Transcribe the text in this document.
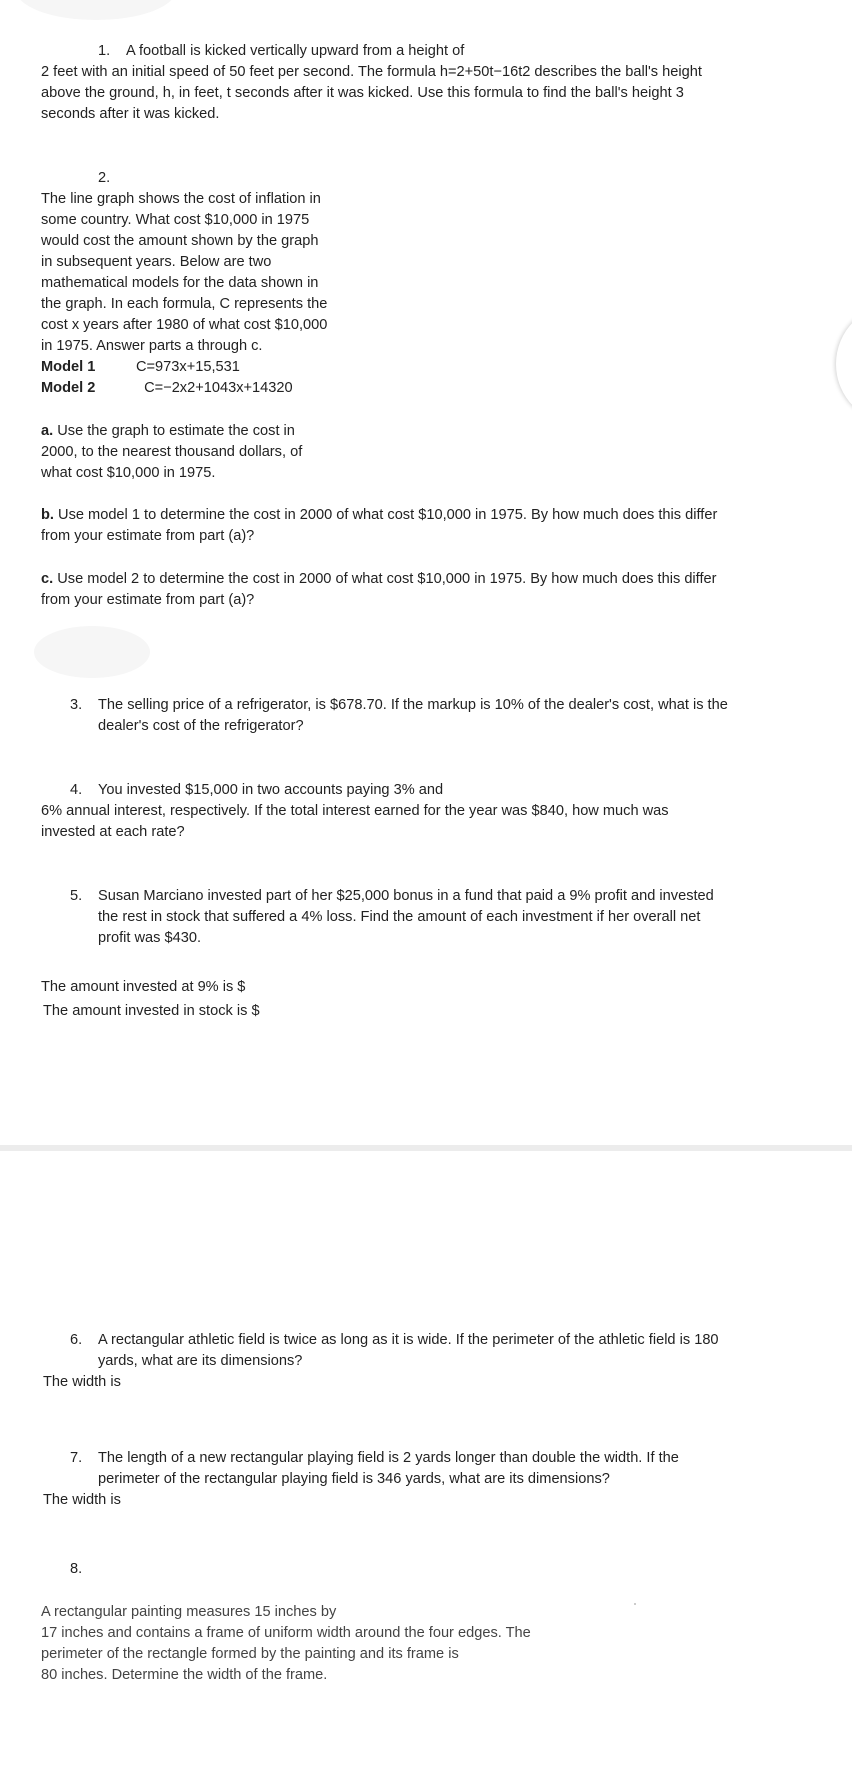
1. A football is kicked vertically upward from a height of
2 feet with an initial speed of 50 feet per second. The formula h=2+50t−16t2 describes the ball's height
above the ground, h, in feet, t seconds after it was kicked. Use this formula to find the ball's height 3
seconds after it was kicked.
2.
The line graph shows the cost of inflation in
some country. What cost $10,000 in 1975
would cost the amount shown by the graph
in subsequent years. Below are two
mathematical models for the data shown in
the graph. In each formula, C represents the
cost x years after 1980 of what cost $10,000
in 1975. Answer parts a through c.
Model 1	C=973x+15,531
Model 2	C=−2x2+1043x+14320
a. Use the graph to estimate the cost in
2000, to the nearest thousand dollars, of
what cost $10,000 in 1975.
b. Use model 1 to determine the cost in 2000 of what cost $10,000 in 1975. By how much does this differ
from your estimate from part (a)?
c. Use model 2 to determine the cost in 2000 of what cost $10,000 in 1975. By how much does this differ
from your estimate from part (a)?
3. The selling price of a refrigerator, is $678.70. If the markup is 10% of the dealer's cost, what is the
dealer's cost of the refrigerator?
4. You invested $15,000 in two accounts paying 3% and
6% annual interest, respectively. If the total interest earned for the year was $840, how much was
invested at each rate?
5. Susan Marciano invested part of her $25,000 bonus in a fund that paid a 9% profit and invested
the rest in stock that suffered a 4% loss. Find the amount of each investment if her overall net
profit was $430.
The amount invested at 9% is $
The amount invested in stock is $
6. A rectangular athletic field is twice as long as it is wide. If the perimeter of the athletic field is 180
yards, what are its dimensions?
The width is
7. The length of a new rectangular playing field is 2 yards longer than double the width. If the
perimeter of the rectangular playing field is 346 yards, what are its dimensions?
The width is
8.
A rectangular painting measures 15 inches by
17 inches and contains a frame of uniform width around the four edges. The
perimeter of the rectangle formed by the painting and its frame is
80 inches. Determine the width of the frame.
